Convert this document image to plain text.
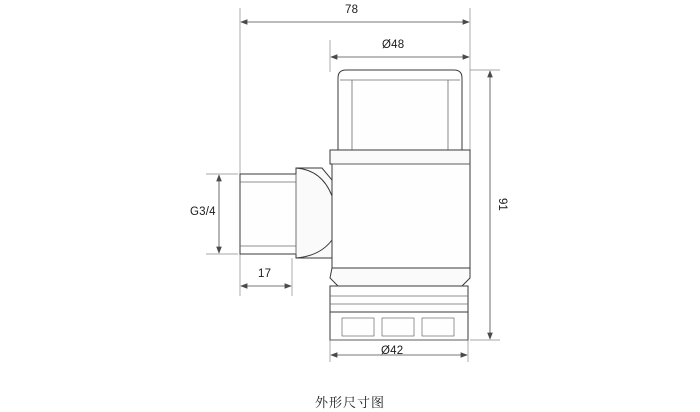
78
Ø48
91
G3/4
17
Ø42
外形尺寸图
